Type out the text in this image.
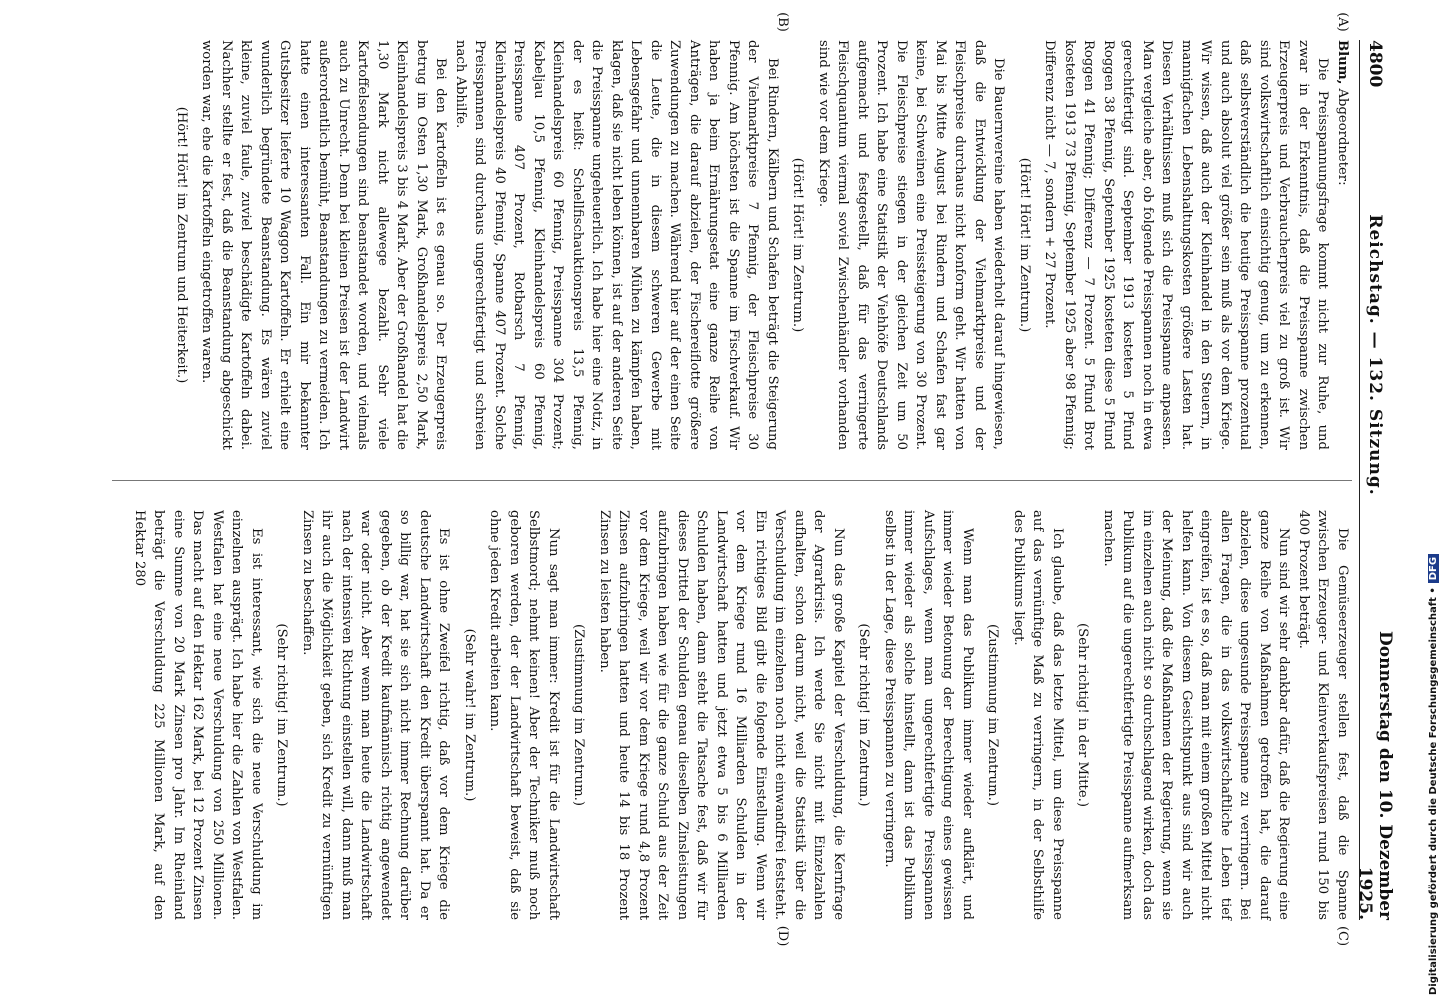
4800
Reichstag. — 132. Sitzung.
Donnerstag den 10. Dezember 1925.
(A)
(B)
(C)
(D)

Blum, Abgeordneter:

Die Preisspannungsfrage kommt nicht zur Ruhe, und zwar in der Erkenntnis, daß die Preisspanne zwischen Erzeugerpreis und Verbraucherpreis viel zu groß ist. Wir sind volkswirtschaftlich einsichtig genug, um zu erkennen, daß selbstverständlich die heutige Preisspanne prozentual und auch absolut viel größer sein muß als vor dem Kriege. Wir wissen, daß auch der Kleinhandel in den Steuern, in mannigfachen Lebenshaltungskosten größere Lasten hat. Diesen Verhältnissen muß sich die Preisspanne anpassen. Man vergleiche aber, ob folgende Preisspannen noch in etwa gerechtfertigt sind. September 1913 kosteten 5 Pfund Roggen 38 Pfennig, September 1925 kosteten diese 5 Pfund Roggen 41 Pfennig; Differenz — 7 Prozent. 5 Pfund Brot kosteten 1913 73 Pfennig, September 1925 aber 98 Pfennig; Differenz nicht — 7, sondern + 27 Prozent.

(Hört! Hört! im Zentrum.)

Die Bauernvereine haben wiederholt darauf hingewiesen, daß die Entwicklung der Viehmarktpreise und der Fleischpreise durchaus nicht konform geht. Wir hatten von Mai bis Mitte August bei Rindern und Schafen fast gar keine, bei Schweinen eine Preissteigerung von 30 Prozent. Die Fleischpreise stiegen in der gleichen Zeit um 50 Prozent. Ich habe eine Statistik der Viehhöfe Deutschlands aufgemacht und festgestellt, daß für das verringerte Fleischquantum viermal soviel Zwischenhändler vorhanden sind wie vor dem Kriege.

(Hört! Hört! im Zentrum.)

Bei Rindern, Kälbern und Schafen beträgt die Steigerung der Viehmarktpreise 7 Pfennig, der Fleischpreise 30 Pfennig. Am höchsten ist die Spanne im Fischverkauf. Wir haben ja beim Ernährungsetat eine ganze Reihe von Anträgen, die darauf abzielen, der Fischereiflotte größere Zuwendungen zu machen. Während hier auf der einen Seite die Leute, die in diesem schweren Gewerbe mit Lebensgefahr und unnennbaren Mühen zu kämpfen haben, klagen, daß sie nicht leben können, ist auf der anderen Seite die Preisspanne ungeheuerlich. Ich habe hier eine Notiz, in der es heißt: Schellfischauktionspreis 13,5 Pfennig, Kleinhandelspreis 60 Pfennig, Preisspanne 304 Prozent; Kabeljau 10,5 Pfennig, Kleinhandelspreis 60 Pfennig, Preisspanne 407 Prozent, Rotbarsch 7 Pfennig, Kleinhandelspreis 40 Pfennig, Spanne 407 Prozent. Solche Preisspannen sind durchaus ungerechtfertigt und schreien nach Abhilfe.

Bei den Kartoffeln ist es genau so. Der Erzeugerpreis betrug im Osten 1,30 Mark, Großhandelspreis 2,50 Mark, Kleinhandelspreis 3 bis 4 Mark. Aber der Großhandel hat die 1,30 Mark nicht allewege bezahlt. Sehr viele Kartoffelsendungen sind beanstandet worden, und vielmals auch zu Unrecht. Denn bei kleinen Preisen ist der Landwirt außerordentlich bemüht, Beanstandungen zu vermeiden. Ich hatte einen interessanten Fall. Ein mir bekannter Gutsbesitzer lieferte 10 Waggon Kartoffeln. Er erhielt eine wunderlich begründete Beanstandung. Es wären zuviel kleine, zuviel faule, zuviel beschädigte Kartoffeln dabei. Nachher stellte er fest, daß die Beanstandung abgeschickt worden war, ehe die Kartoffeln eingetroffen waren.

(Hört! Hört! im Zentrum und Heiterkeit.)

Die Gemüseerzeuger stellen fest, daß die Spanne zwischen Erzeuger- und Kleinverkaufspreisen rund 150 bis 400 Prozent beträgt.

Nun sind wir sehr dankbar dafür, daß die Regierung eine ganze Reihe von Maßnahmen getroffen hat, die darauf abzielen, diese ungesunde Preisspanne zu verringern. Bei allen Fragen, die in das volkswirtschaftliche Leben tief eingreifen, ist es so, daß man mit einem großen Mittel nicht helfen kann. Von diesem Gesichtspunkt aus sind wir auch der Meinung, daß die Maßnahmen der Regierung, wenn sie im einzelnen auch nicht so durchschlagend wirken, doch das Publikum auf die ungerechtfertigte Preisspanne aufmerksam machen.

(Sehr richtig! in der Mitte.)

Ich glaube, daß das letzte Mittel, um diese Preisspanne auf das vernünftige Maß zu verringern, in der Selbsthilfe des Publikums liegt.

(Zustimmung im Zentrum.)

Wenn man das Publikum immer wieder aufklärt, und immer wieder Betonung der Berechtigung eines gewissen Aufschlages, wenn man ungerechtfertigte Preisspannen immer wieder als solche hinstellt, dann ist das Publikum selbst in der Lage, diese Preisspannen zu verringern.

(Sehr richtig! im Zentrum.)

Nun das große Kapitel der Verschuldung, die Kernfrage der Agrarkrisis. Ich werde Sie nicht mit Einzelzahlen aufhalten, schon darum nicht, weil die Statistik über die Verschuldung im einzelnen noch nicht einwandfrei feststeht. Ein richtiges Bild gibt die folgende Einstellung. Wenn wir vor dem Kriege rund 16 Milliarden Schulden in der Landwirtschaft hatten und jetzt etwa 5 bis 6 Milliarden Schulden haben, dann steht die Tatsache fest, daß wir für dieses Drittel der Schulden genau dieselben Zinsleistungen aufzubringen haben wie für die ganze Schuld aus der Zeit vor dem Kriege, weil wir vor dem Kriege rund 4,8 Prozent Zinsen aufzubringen hatten und heute 14 bis 18 Prozent Zinsen zu leisten haben.

(Zustimmung im Zentrum.)

Nun sagt man immer: Kredit ist für die Landwirtschaft Selbstmord; nehmt keinen! Aber der Techniker muß noch geboren werden, der der Landwirtschaft beweist, daß sie ohne jeden Kredit arbeiten kann.

(Sehr wahr! im Zentrum.)

Es ist ohne Zweifel richtig, daß vor dem Kriege die deutsche Landwirtschaft den Kredit überspannt hat. Da er so billig war, hat sie sich nicht immer Rechnung darüber gegeben, ob der Kredit kaufmännisch richtig angewendet war oder nicht. Aber wenn man heute die Landwirtschaft nach der intensiven Richtung einstellen will, dann muß man ihr auch die Möglichkeit geben, sich Kredit zu vernünftigen Zinsen zu beschaffen.

(Sehr richtig! im Zentrum.)

Es ist interessant, wie sich die neue Verschuldung im einzelnen ausprägt. Ich habe hier die Zahlen von Westfalen. Westfalen hat eine neue Verschuldung von 250 Millionen. Das macht auf den Hektar 162 Mark, bei 12 Prozent Zinsen eine Summe von 20 Mark Zinsen pro Jahr. Im Rheinland beträgt die Verschuldung 225 Millionen Mark, auf den Hektar 280

Digitalisierung gefördert durch die Deutsche Forschungsgemeinschaft •DFG
